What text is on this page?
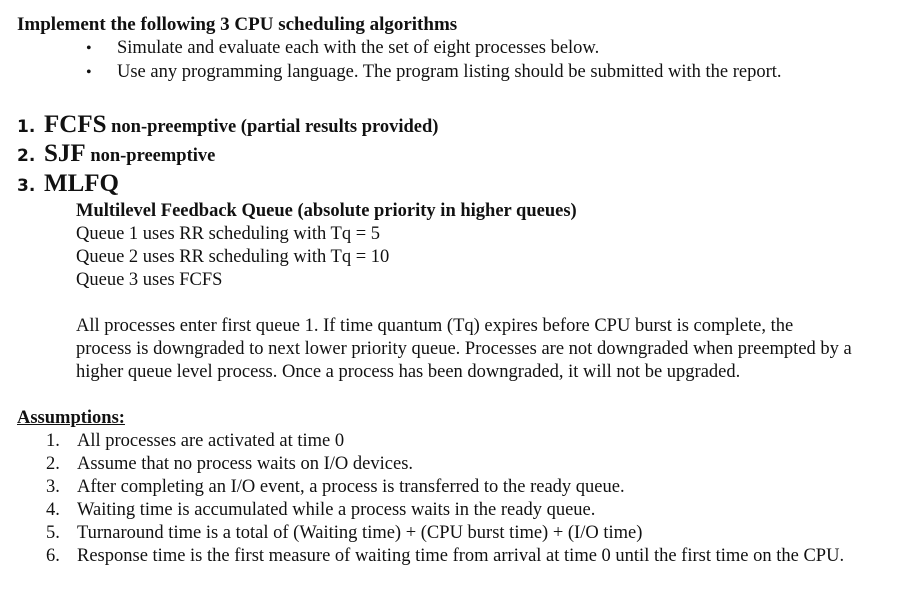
Implement the following 3 CPU scheduling algorithms
• Simulate and evaluate each with the set of eight processes below.
• Use any programming language. The program listing should be submitted with the report.
1. FCFS non-preemptive (partial results provided)
2. SJF non-preemptive
3. MLFQ
Multilevel Feedback Queue (absolute priority in higher queues)
Queue 1 uses RR scheduling with Tq = 5
Queue 2 uses RR scheduling with Tq = 10
Queue 3 uses FCFS
All processes enter first queue 1. If time quantum (Tq) expires before CPU burst is complete, the
process is downgraded to next lower priority queue. Processes are not downgraded when preempted by a
higher queue level process. Once a process has been downgraded, it will not be upgraded.
Assumptions:
1. All processes are activated at time 0
2. Assume that no process waits on I/O devices.
3. After completing an I/O event, a process is transferred to the ready queue.
4. Waiting time is accumulated while a process waits in the ready queue.
5. Turnaround time is a total of (Waiting time) + (CPU burst time) + (I/O time)
6. Response time is the first measure of waiting time from arrival at time 0 until the first time on the CPU.
